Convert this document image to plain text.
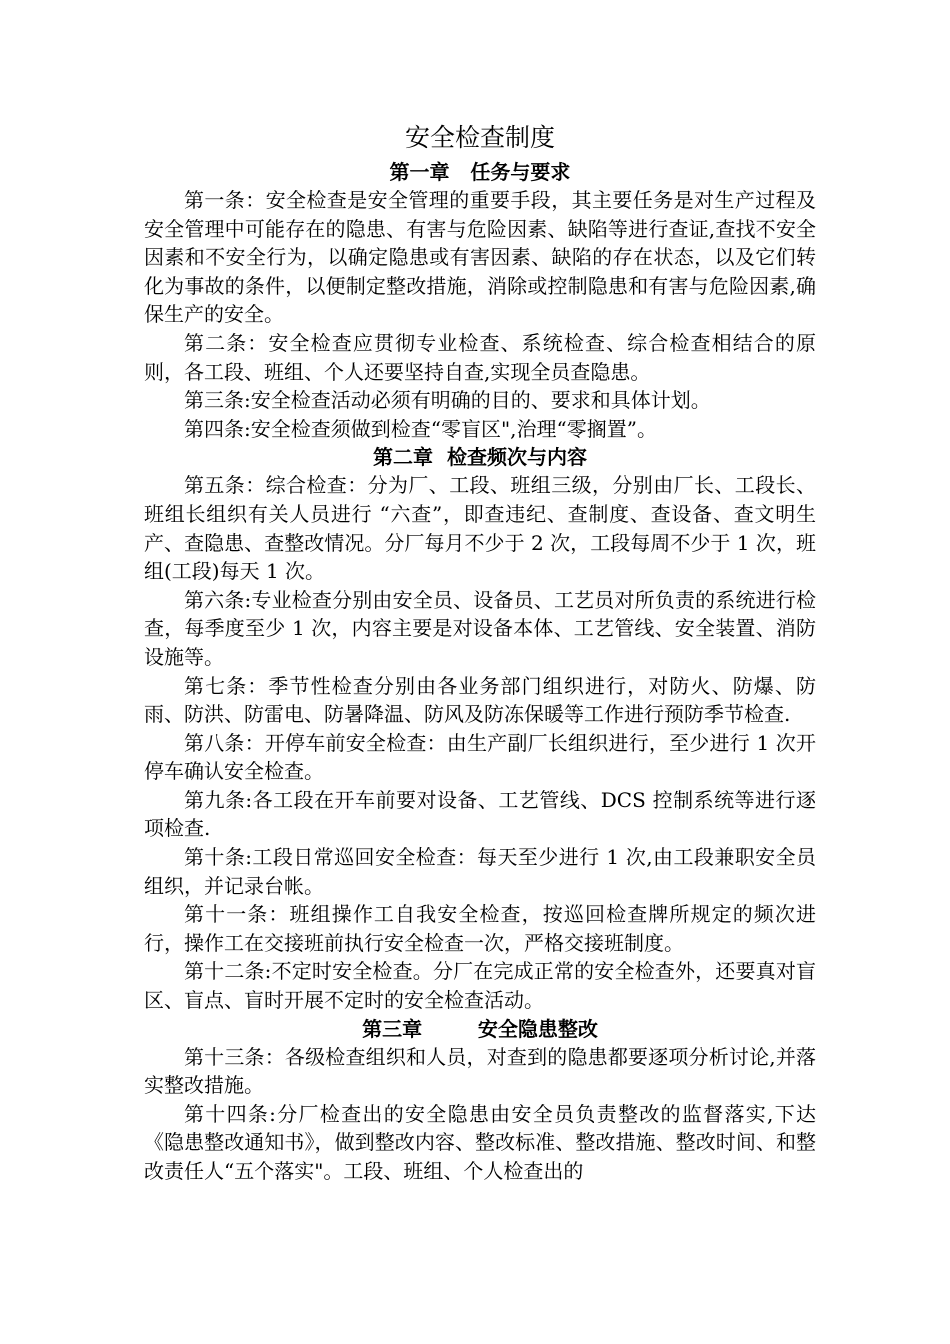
安全检查制度
第一章   任务与要求

第一条：安全检查是安全管理的重要手段，其主要任务是对生产过程及安全管理中可能存在的隐患、有害与危险因素、缺陷等进行查证,查找不安全因素和不安全行为，以确定隐患或有害因素、缺陷的存在状态，以及它们转化为事故的条件，以便制定整改措施，消除或控制隐患和有害与危险因素,确保生产的安全。

第二条：安全检查应贯彻专业检查、系统检查、综合检查相结合的原则，各工段、班组、个人还要坚持自查,实现全员查隐患。

第三条:安全检查活动必须有明确的目的、要求和具体计划。

第四条:安全检查须做到检查“零盲区",治理“零搁置”。

第二章  检查频次与内容

第五条：综合检查：分为厂、工段、班组三级，分别由厂长、工段长、班组长组织有关人员进行 “六查”，即查违纪、查制度、查设备、查文明生产、查隐患、查整改情况。分厂每月不少于 2 次，工段每周不少于 1 次，班组(工段)每天 1 次。

第六条:专业检查分别由安全员、设备员、工艺员对所负责的系统进行检查，每季度至少 1 次，内容主要是对设备本体、工艺管线、安全装置、消防设施等。

第七条：季节性检查分别由各业务部门组织进行，对防火、防爆、防雨、防洪、防雷电、防暑降温、防风及防冻保暖等工作进行预防季节检查.

第八条：开停车前安全检查：由生产副厂长组织进行，至少进行 1 次开停车确认安全检查。

第九条:各工段在开车前要对设备、工艺管线、DCS 控制系统等进行逐项检查.

第十条:工段日常巡回安全检查：每天至少进行 1 次,由工段兼职安全员组织，并记录台帐。

第十一条：班组操作工自我安全检查，按巡回检查牌所规定的频次进行，操作工在交接班前执行安全检查一次，严格交接班制度。

第十二条:不定时安全检查。分厂在完成正常的安全检查外，还要真对盲区、盲点、盲时开展不定时的安全检查活动。

第三章        安全隐患整改

第十三条：各级检查组织和人员，对查到的隐患都要逐项分析讨论,并落实整改措施。

第十四条:分厂检查出的安全隐患由安全员负责整改的监督落实,下达《隐患整改通知书》，做到整改内容、整改标准、整改措施、整改时间、和整改责任人“五个落实"。工段、班组、个人检查出的
